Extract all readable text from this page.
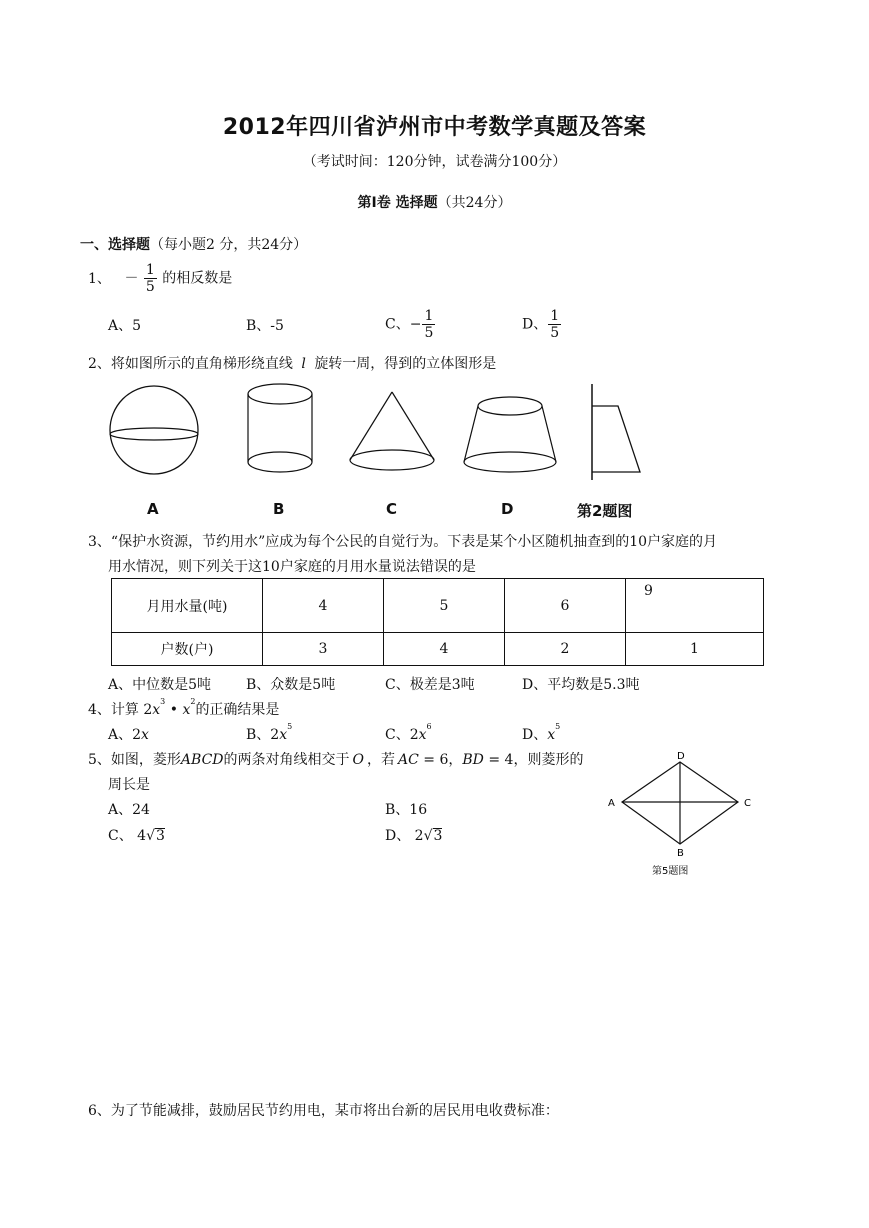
2012年四川省泸州市中考数学真题及答案
（考试时间：120分钟，试卷满分100分）
第Ⅰ卷 选择题（共24分）
一、选择题（每小题2 分，共24分）
1、 － $\frac{1}{5}$ 的相反数是
A、5	B、-5	C、− $\frac{1}{5}$	D、 $\frac{1}{5}$
2、将如图所示的直角梯形绕直线 l 旋转一周，得到的立体图形是
A	B	C	D	第2题图
3、“保护水资源，节约用水”应成为每个公民的自觉行为。下表是某个小区随机抽查到的10户家庭的月
用水情况，则下列关于这10户家庭的月用水量说法错误的是
月用水量(吨)	4	5	6	9
户数(户)	3	4	2	1
A、中位数是5吨 B、众数是5吨	C、极差是3吨	D、平均数是5.3吨
4、计算 $2x^3$ • $x^2$的正确结果是
A、2x	B、$2x^5$
C、$2x^6$
D、$x^5$
5、如图，菱形ABCD的两条对角线相交于 O ，若 AC = 6，BD = 4，则菱形的
周长是
A、24	B、16
C、 4√3	D、 2√3
D
A	C
B
第5题图
6、为了节能减排，鼓励居民节约用电，某市将出台新的居民用电收费标准：
